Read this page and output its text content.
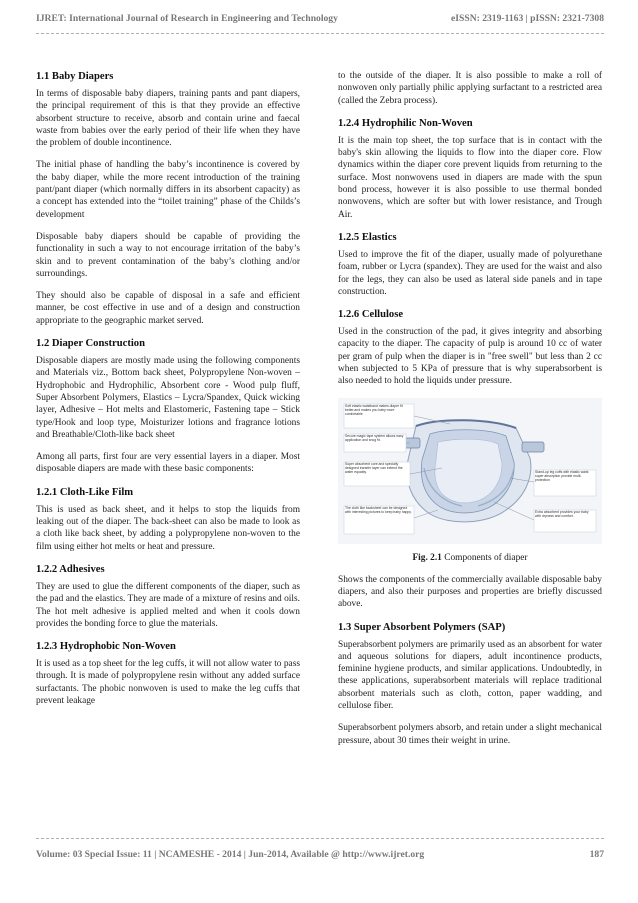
IJRET: International Journal of Research in Engineering and Technology	eISSN: 2319-1163 | pISSN: 2321-7308
1.1 Baby Diapers

In terms of disposable baby diapers, training pants and pant diapers, the principal requirement of this is that they provide an effective absorbent structure to receive, absorb and contain urine and faecal waste from babies over the early period of their life when they have the problem of double incontinence.

The initial phase of handling the baby’s incontinence is covered by the baby diaper, while the more recent introduction of the training pant/pant diaper (which normally differs in its absorbent capacity) as a concept has extended into the “toilet training” phase of the Childs’s development

Disposable baby diapers should be capable of providing the functionality in such a way to not encourage irritation of the baby’s skin and to prevent contamination of the baby’s clothing and/or surroundings.

They should also be capable of disposal in a safe and efficient manner, be cost effective in use and of a design and construction appropriate to the geographic market served.

1.2 Diaper Construction

Disposable diapers are mostly made using the following components and Materials viz., Bottom back sheet, Polypropylene Non-woven – Hydrophobic and Hydrophilic, Absorbent core - Wood pulp fluff, Super Absorbent Polymers, Elastics – Lycra/Spandex, Quick wicking layer, Adhesive – Hot melts and Elastomeric, Fastening tape – Stick type/Hook and loop type, Moisturizer lotions and fragrance lotions and Breathable/Cloth-like back sheet

Among all parts, first four are very essential layers in a diaper. Most disposable diapers are made with these basic components:

1.2.1 Cloth-Like Film

This is used as back sheet, and it helps to stop the liquids from leaking out of the diaper. The back-sheet can also be made to look as a cloth like back sheet, by adding a polypropylene non-woven to the film using either hot melts or heat and pressure.

1.2.2 Adhesives

They are used to glue the different components of the diaper, such as the pad and the elastics. They are made of a mixture of resins and oils. The hot melt adhesive is applied melted and when it cools down provides the bonding force to glue the materials.

1.2.3 Hydrophobic Non-Woven

It is used as a top sheet for the leg cuffs, it will not allow water to pass through. It is made of polypropylene resin without any added surface surfactants. The phobic nonwoven is used to make the leg cuffs that prevent leakage

to the outside of the diaper. It is also possible to make a roll of nonwoven only partially philic applying surfactant to a restricted area (called the Zebra process).

1.2.4 Hydrophilic Non-Woven

It is the main top sheet, the top surface that is in contact with the baby's skin allowing the liquids to flow into the diaper core. Flow dynamics within the diaper core prevent liquids from returning to the surface. Most nonwovens used in diapers are made with the spun bond process, however it is also possible to use thermal bonded nonwovens, which are softer but with lower resistance, and Trough Air.

1.2.5 Elastics

Used to improve the fit of the diaper, usually made of polyurethane foam, rubber or Lycra (spandex). They are used for the waist and also for the legs, they can also be used as lateral side panels and in tape construction.

1.2.6 Cellulose

Used in the construction of the pad, it gives integrity and absorbing capacity to the diaper. The capacity of pulp is around 10 cc of water per gram of pulp when the diaper is in "free swell" but less than 2 cc when subjected to 5 KPa of pressure that is why superabsorbent is also needed to hold the liquids under pressure.

Soft elastic waistband makes diaper fit better,and makes you baby more comfortable
Secure magic tape system allows easy application and snug fit.
Super absorbent core and specially designed transfer layer can extend the water equably.
The cloth like backsheet can be designed with interesting pictures to keep baby happy.
Stand-up leg cuffs with elastic waist super absorption provide multi-protection
Extra absorbent provides your baby with dryness and comfort.
Fig. 2.1 Components of diaper

Shows the components of the commercially available disposable baby diapers, and also their purposes and properties are briefly discussed above.

1.3 Super Absorbent Polymers (SAP)

Superabsorbent polymers are primarily used as an absorbent for water and aqueous solutions for diapers, adult incontinence products, feminine hygiene products, and similar applications. Undoubtedly, in these applications, superabsorbent materials will replace traditional absorbent materials such as cloth, cotton, paper wadding, and cellulose fiber.

Superabsorbent polymers absorb, and retain under a slight mechanical pressure, about 30 times their weight in urine.

Volume: 03 Special Issue: 11 | NCAMESHE - 2014 | Jun-2014, Available @ http://www.ijret.org	187
